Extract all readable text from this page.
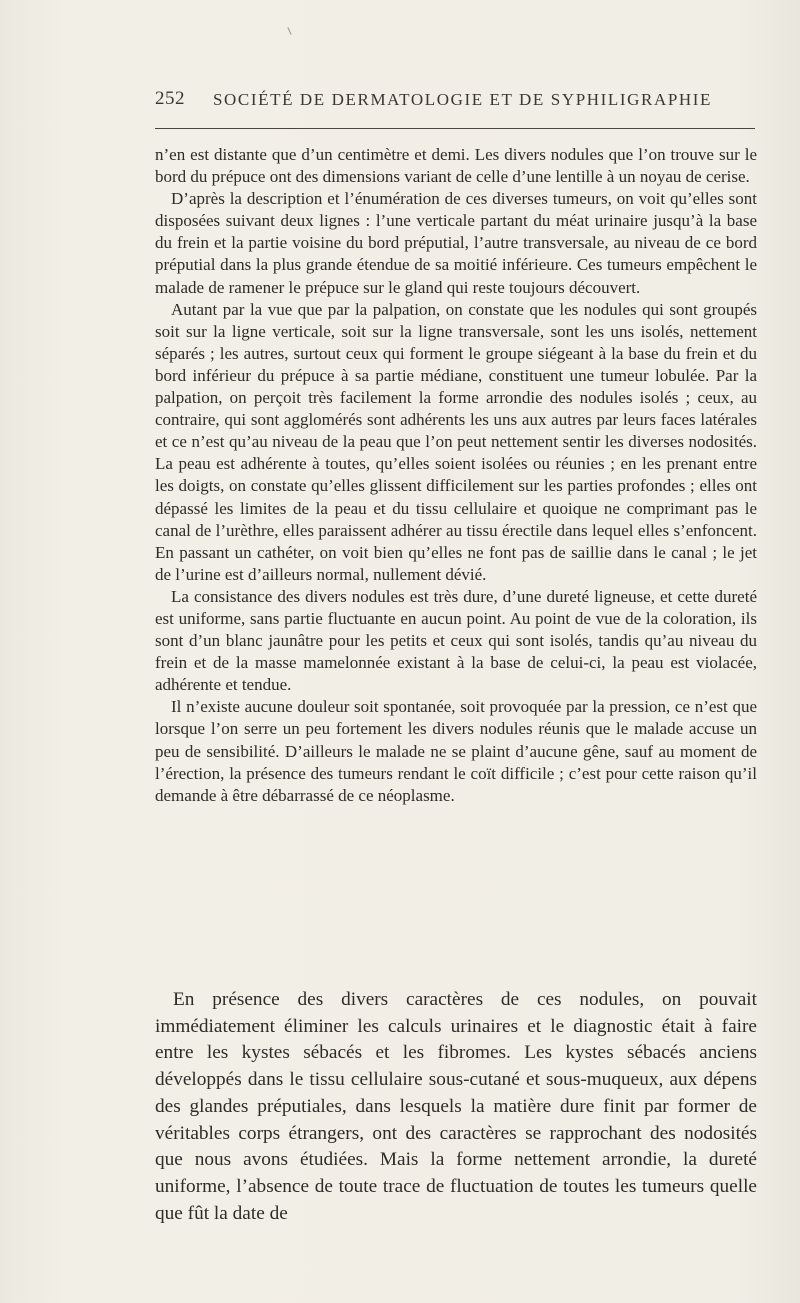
252 SOCIÉTÉ DE DERMATOLOGIE ET DE SYPHILIGRAPHIE

n’en est distante que d’un centimètre et demi. Les divers nodules que l’on trouve sur le bord du prépuce ont des dimensions variant de celle d’une lentille à un noyau de cerise.

D’après la description et l’énumération de ces diverses tumeurs, on voit qu’elles sont disposées suivant deux lignes : l’une verticale partant du méat urinaire jusqu’à la base du frein et la partie voisine du bord préputial, l’autre transversale, au niveau de ce bord préputial dans la plus grande étendue de sa moitié inférieure. Ces tumeurs empêchent le malade de ramener le prépuce sur le gland qui reste toujours découvert.

Autant par la vue que par la palpation, on constate que les nodules qui sont groupés soit sur la ligne verticale, soit sur la ligne transversale, sont les uns isolés, nettement séparés ; les autres, surtout ceux qui forment le groupe siégeant à la base du frein et du bord inférieur du prépuce à sa partie médiane, constituent une tumeur lobulée. Par la palpation, on perçoit très facilement la forme arrondie des nodules isolés ; ceux, au contraire, qui sont agglomérés sont adhérents les uns aux autres par leurs faces latérales et ce n’est qu’au niveau de la peau que l’on peut nettement sentir les diverses nodosités. La peau est adhérente à toutes, qu’elles soient isolées ou réunies ; en les prenant entre les doigts, on constate qu’elles glissent difficilement sur les parties profondes ; elles ont dépassé les limites de la peau et du tissu cellulaire et quoique ne comprimant pas le canal de l’urèthre, elles paraissent adhérer au tissu érectile dans lequel elles s’enfoncent. En passant un cathéter, on voit bien qu’elles ne font pas de saillie dans le canal ; le jet de l’urine est d’ailleurs normal, nullement dévié.

La consistance des divers nodules est très dure, d’une dureté ligneuse, et cette dureté est uniforme, sans partie fluctuante en aucun point. Au point de vue de la coloration, ils sont d’un blanc jaunâtre pour les petits et ceux qui sont isolés, tandis qu’au niveau du frein et de la masse mamelonnée existant à la base de celui-ci, la peau est violacée, adhérente et tendue.

Il n’existe aucune douleur soit spontanée, soit provoquée par la pression, ce n’est que lorsque l’on serre un peu fortement les divers nodules réunis que le malade accuse un peu de sensibilité. D’ailleurs le malade ne se plaint d’aucune gêne, sauf au moment de l’érection, la présence des tumeurs rendant le coït difficile ; c’est pour cette raison qu’il demande à être débarrassé de ce néoplasme.

En présence des divers caractères de ces nodules, on pouvait immédiatement éliminer les calculs urinaires et le diagnostic était à faire entre les kystes sébacés et les fibromes. Les kystes sébacés anciens développés dans le tissu cellulaire sous-cutané et sous-muqueux, aux dépens des glandes préputiales, dans lesquels la matière dure finit par former de véritables corps étrangers, ont des caractères se rapprochant des nodosités que nous avons étudiées. Mais la forme nettement arrondie, la dureté uniforme, l’absence de toute trace de fluctuation de toutes les tumeurs quelle que fût la date de
